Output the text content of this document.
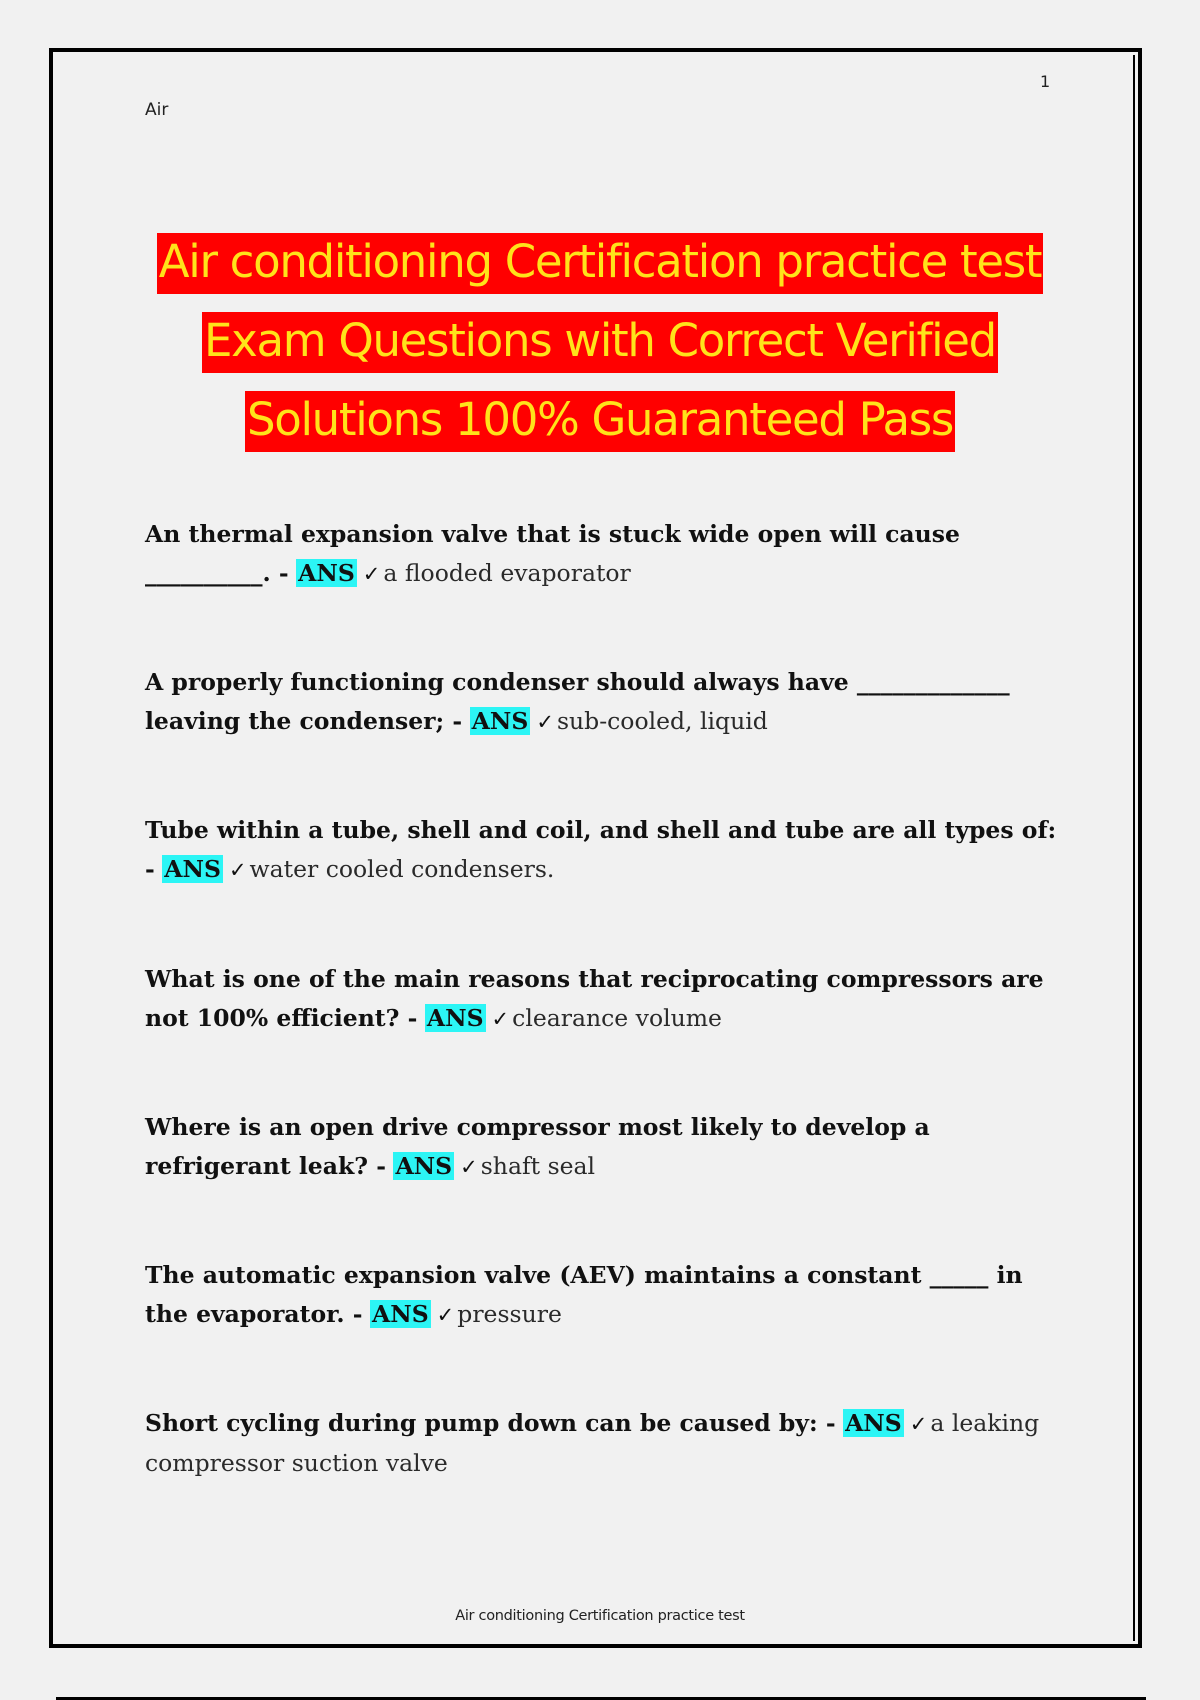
1
Air
Air conditioning Certification practice test
Exam Questions with Correct Verified
Solutions 100% Guaranteed Pass
An thermal expansion valve that is stuck wide open will cause __________. - ANS ✓ a flooded evaporator
A properly functioning condenser should always have _____________ leaving the condenser; - ANS ✓ sub-cooled, liquid
Tube within a tube, shell and coil, and shell and tube are all types of: - ANS ✓ water cooled condensers.
What is one of the main reasons that reciprocating compressors are not 100% efficient? - ANS ✓ clearance volume
Where is an open drive compressor most likely to develop a refrigerant leak? - ANS ✓ shaft seal
The automatic expansion valve (AEV) maintains a constant _____ in the evaporator. - ANS ✓ pressure
Short cycling during pump down can be caused by: - ANS ✓ a leaking compressor suction valve
Air conditioning Certification practice test
